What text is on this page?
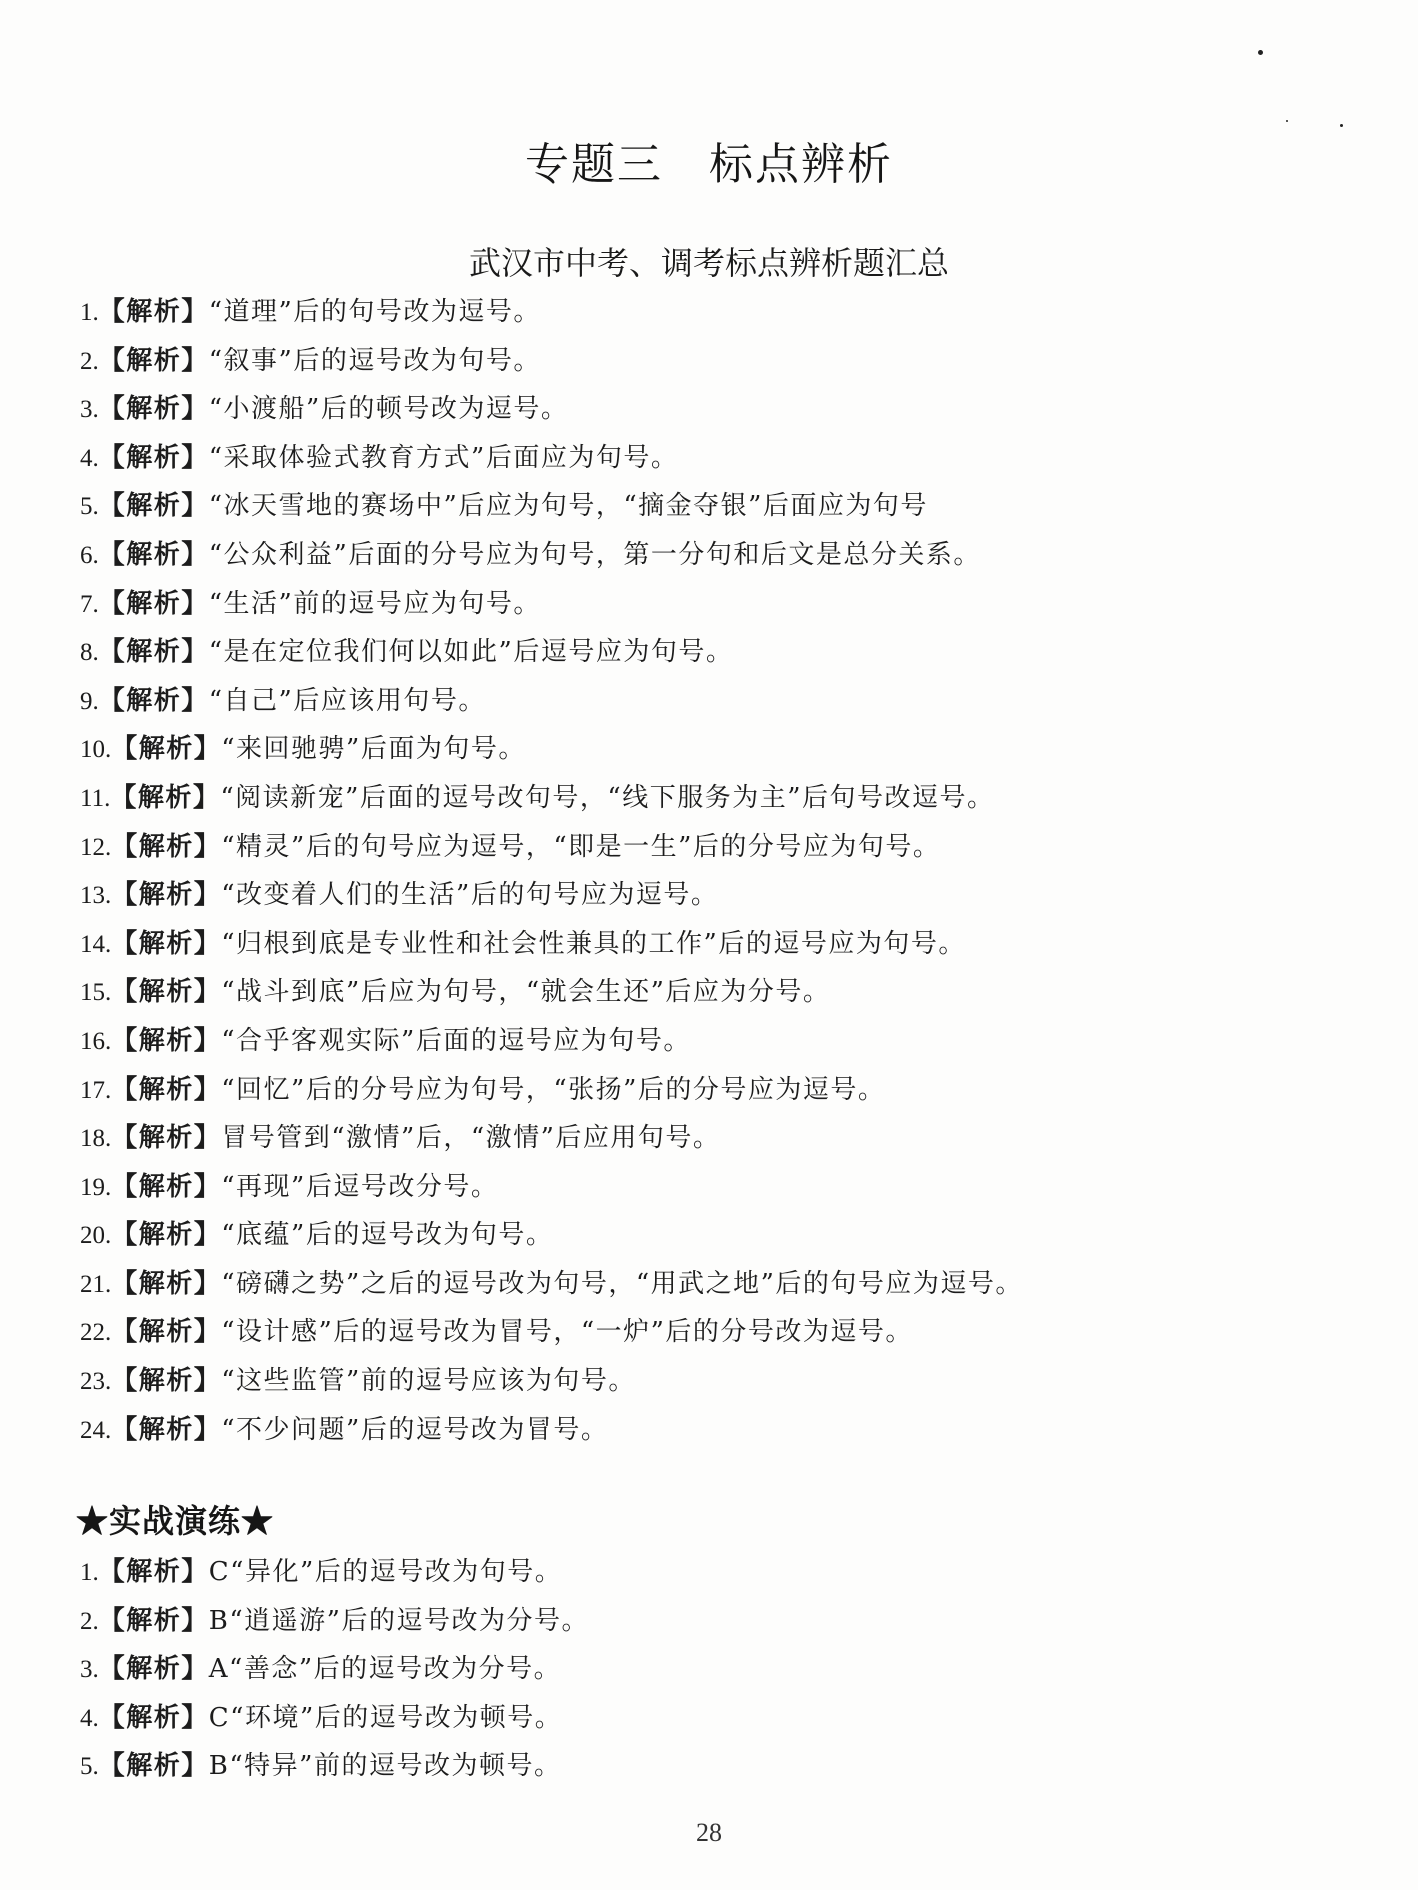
专题三　标点辨析
武汉市中考、调考标点辨析题汇总
1.【解析】“道理”后的句号改为逗号。
2.【解析】“叙事”后的逗号改为句号。
3.【解析】“小渡船”后的顿号改为逗号。
4.【解析】“采取体验式教育方式”后面应为句号。
5.【解析】“冰天雪地的赛场中”后应为句号，“摘金夺银”后面应为句号
6.【解析】“公众利益”后面的分号应为句号，第一分句和后文是总分关系。
7.【解析】“生活”前的逗号应为句号。
8.【解析】“是在定位我们何以如此”后逗号应为句号。
9.【解析】“自己”后应该用句号。
10.【解析】“来回驰骋”后面为句号。
11.【解析】“阅读新宠”后面的逗号改句号，“线下服务为主”后句号改逗号。
12.【解析】“精灵”后的句号应为逗号，“即是一生”后的分号应为句号。
13.【解析】“改变着人们的生活”后的句号应为逗号。
14.【解析】“归根到底是专业性和社会性兼具的工作”后的逗号应为句号。
15.【解析】“战斗到底”后应为句号，“就会生还”后应为分号。
16.【解析】“合乎客观实际”后面的逗号应为句号。
17.【解析】“回忆”后的分号应为句号，“张扬”后的分号应为逗号。
18.【解析】冒号管到“激情”后，“激情”后应用句号。
19.【解析】“再现”后逗号改分号。
20.【解析】“底蕴”后的逗号改为句号。
21.【解析】“磅礴之势”之后的逗号改为句号，“用武之地”后的句号应为逗号。
22.【解析】“设计感”后的逗号改为冒号，“一炉”后的分号改为逗号。
23.【解析】“这些监管”前的逗号应该为句号。
24.【解析】“不少问题”后的逗号改为冒号。
★实战演练★
1.【解析】C“异化”后的逗号改为句号。
2.【解析】B“逍遥游”后的逗号改为分号。
3.【解析】A“善念”后的逗号改为分号。
4.【解析】C“环境”后的逗号改为顿号。
5.【解析】B“特异”前的逗号改为顿号。
28
